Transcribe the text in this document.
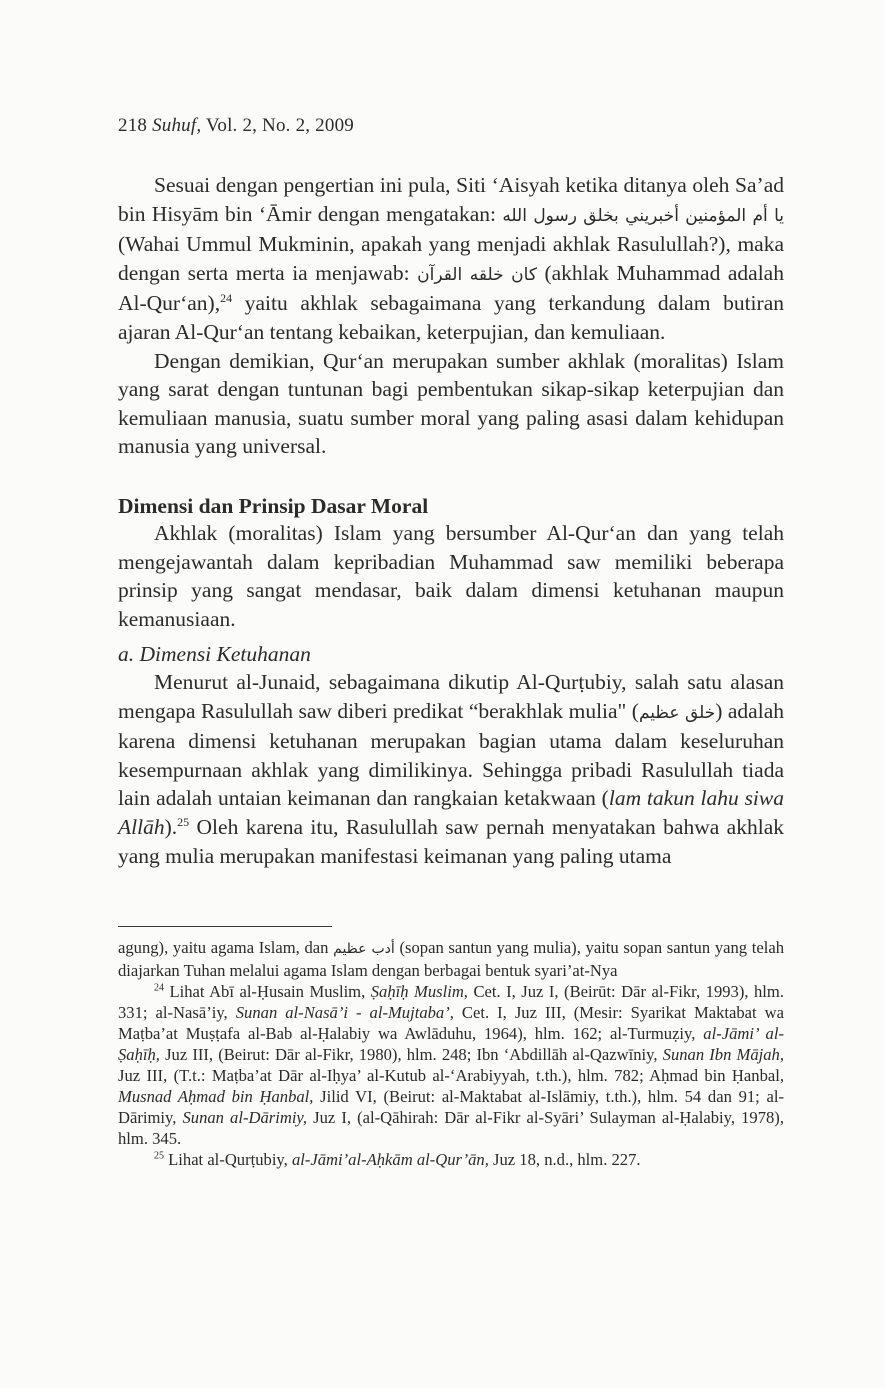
218 Suhuf, Vol. 2, No. 2, 2009

Sesuai dengan pengertian ini pula, Siti ‘Aisyah ketika ditanya oleh Sa’ad bin Hisyām bin ‘Āmir dengan mengatakan: يا أم المؤمنين أخبريني بخلق رسول الله (Wahai Ummul Mukminin, apakah yang menjadi akhlak Rasulullah?), maka dengan serta merta ia menjawab: كان خلقه القرآن (akhlak Muhammad adalah Al-Qur‘an),$^{24}$ yaitu akhlak sebagaimana yang terkandung dalam butiran ajaran Al-Qur‘an tentang kebaikan, keterpujian, dan kemuliaan.

Dengan demikian, Qur‘an merupakan sumber akhlak (moralitas) Islam yang sarat dengan tuntunan bagi pembentukan sikap-sikap keterpujian dan kemuliaan manusia, suatu sumber moral yang paling asasi dalam kehidupan manusia yang universal.

Dimensi dan Prinsip Dasar Moral

Akhlak (moralitas) Islam yang bersumber Al-Qur‘an dan yang telah mengejawantah dalam kepribadian Muhammad saw memiliki beberapa prinsip yang sangat mendasar, baik dalam dimensi ketuhanan maupun kemanusiaan.

a. Dimensi Ketuhanan

Menurut al-Junaid, sebagaimana dikutip Al-Qurṭubiy, salah satu alasan mengapa Rasulullah saw diberi predikat “berakhlak mulia" (خلق عظيم) adalah karena dimensi ketuhanan merupakan bagian utama dalam keseluruhan kesempurnaan akhlak yang dimilikinya. Sehingga pribadi Rasulullah tiada lain adalah untaian keimanan dan rangkaian ketakwaan (lam takun lahu siwa Allāh).$^{25}$ Oleh karena itu, Rasulullah saw pernah menyatakan bahwa akhlak yang mulia merupakan manifestasi keimanan yang paling utama

agung), yaitu agama Islam, dan أدب عظيم (sopan santun yang mulia), yaitu sopan santun yang telah diajarkan Tuhan melalui agama Islam dengan berbagai bentuk syari’at-Nya

$^{24}$ Lihat Abī al-Ḥusain Muslim, Ṣaḥīḥ Muslim, Cet. I, Juz I, (Beirūt: Dār al-Fikr, 1993), hlm. 331; al-Nasā’iy, Sunan al-Nasā’i - al-Mujtaba’, Cet. I, Juz III, (Mesir: Syarikat Maktabat wa Maṭba’at Muṣṭafa al-Bab al-Ḥalabiy wa Awlāduhu, 1964), hlm. 162; al-Turmuẓiy, al-Jāmi’ al-Ṣaḥīḥ, Juz III, (Beirut: Dār al-Fikr, 1980), hlm. 248; Ibn ‘Abdillāh al-Qazwīniy, Sunan Ibn Mājah, Juz III, (T.t.: Maṭba’at Dār al-Iḥya’ al-Kutub al-‘Arabiyyah, t.th.), hlm. 782; Aḥmad bin Ḥanbal, Musnad Aḥmad bin Ḥanbal, Jilid VI, (Beirut: al-Maktabat al-Islāmiy, t.th.), hlm. 54 dan 91; al-Dārimiy, Sunan al-Dārimiy, Juz I, (al-Qāhirah: Dār al-Fikr al-Syāri’ Sulayman al-Ḥalabiy, 1978), hlm. 345.

$^{25}$ Lihat al-Qurṭubiy, al-Jāmi’al-Aḥkām al-Qur’ān, Juz 18, n.d., hlm. 227.
